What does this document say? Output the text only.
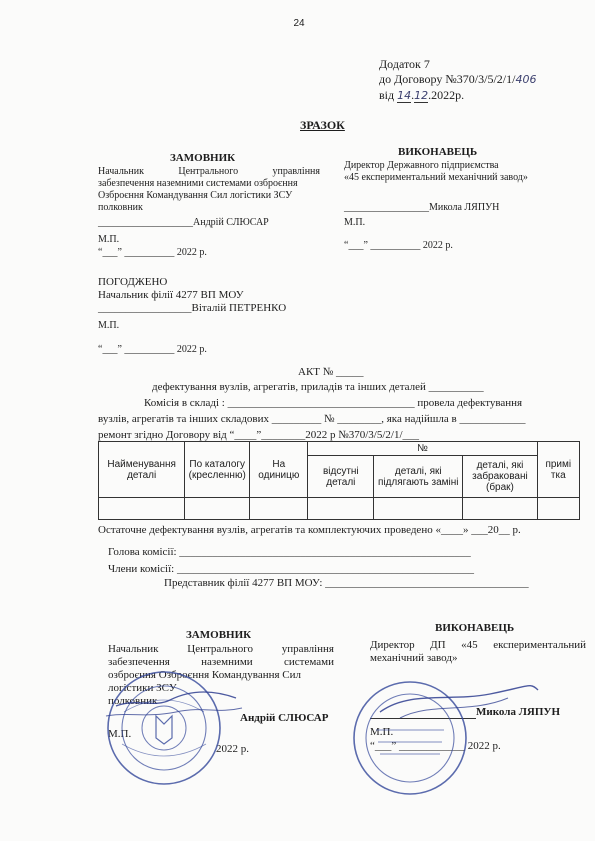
24
Додаток 7
до Договору №370/3/5/2/1/406
від 14.12.2022р.
ЗРАЗОК
ЗАМОВНИК
Начальник	Центрального	управління
забезпечення наземними системами озброєння
Озброєння Командування Сил логістики ЗСУ
полковник
___________________Андрій СЛЮСАР
М.П.
“___” __________ 2022 р.
ВИКОНАВЕЦЬ
Директор Державного підприємства
«45 експериментальний механічний завод»
_________________Микола ЛЯПУН
М.П.
“___” __________ 2022 р.
ПОГОДЖЕНО
Начальник філії 4277 ВП МОУ
_________________Віталій ПЕТРЕНКО
М.П.
“___” __________ 2022 р.
АКТ № _____
дефектування вузлів, агрегатів, приладів та інших деталей __________
Комісія в складі : __________________________________ провела дефектування
вузлів, агрегатів та інших складових _________ № ________, яка надійшла в ____________
ремонт згідно Договору від “____”________2022 р №370/3/5/2/1/___
Найменування деталі	По каталогу (кресленню)	На одиницю	№			примі тка
			відсутні деталі	деталі, які підлягають заміні	деталі, які забраковані (брак)	

Остаточне дефектування вузлів, агрегатів та комплектуючих проведено «____» ___20__ р.
Голова комісії: _____________________________________________________
Члени комісії: ______________________________________________________
Представник філії 4277 ВП МОУ: _____________________________________
ЗАМОВНИК
Начальник	Центрального	управління
забезпечення	наземними	системами
озброєння Озброєння Командування Сил
логістики ЗСУ
полковник
Андрій СЛЮСАР
М.П.
2022 р.
ВИКОНАВЕЦЬ
Директор ДП «45 експериментальний
механічний завод»
Микола ЛЯПУН
М.П.
“___” ____________ 2022 р.
